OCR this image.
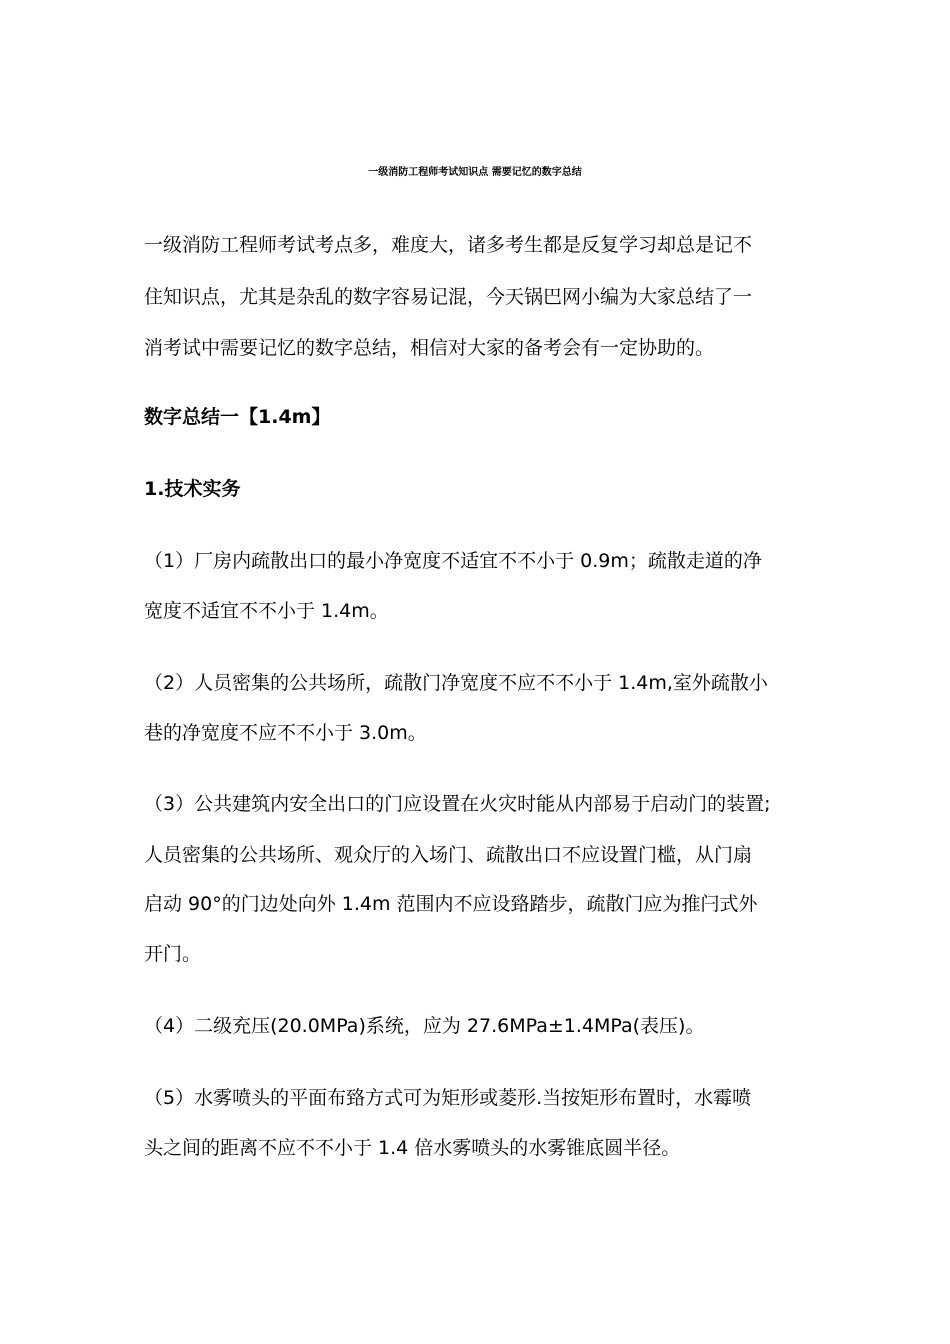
一级消防工程师考试知识点 需要记忆的数字总结
一级消防工程师考试考点多，难度大，诸多考生都是反复学习却总是记不
住知识点，尤其是杂乱的数字容易记混，今天锅巴网小编为大家总结了一
消考试中需要记忆的数字总结，相信对大家的备考会有一定协助的。
数字总结一【1.4m】
1.技术实务
（1）厂房内疏散出口的最小净宽度不适宜不不小于 0.9m；疏散走道的净
宽度不适宜不不小于 1.4m。
（2）人员密集的公共场所，疏散门净宽度不应不不小于 1.4m,室外疏散小
巷的净宽度不应不不小于 3.0m。
（3）公共建筑内安全出口的门应设置在火灾时能从内部易于启动门的装置;
人员密集的公共场所、观众厅的入场门、疏散出口不应设置门槛，从门扇
启动 90°的门边处向外 1.4m 范围内不应设臵踏步，疏散门应为推闩式外
开门。
（4）二级充压(20.0MPa)系统，应为 27.6MPa±1.4MPa(表压)。
（5）水雾喷头的平面布臵方式可为矩形或菱形.当按矩形布置时，水霉喷
头之间的距离不应不不小于 1.4 倍水雾喷头的水雾锥底圆半径。
